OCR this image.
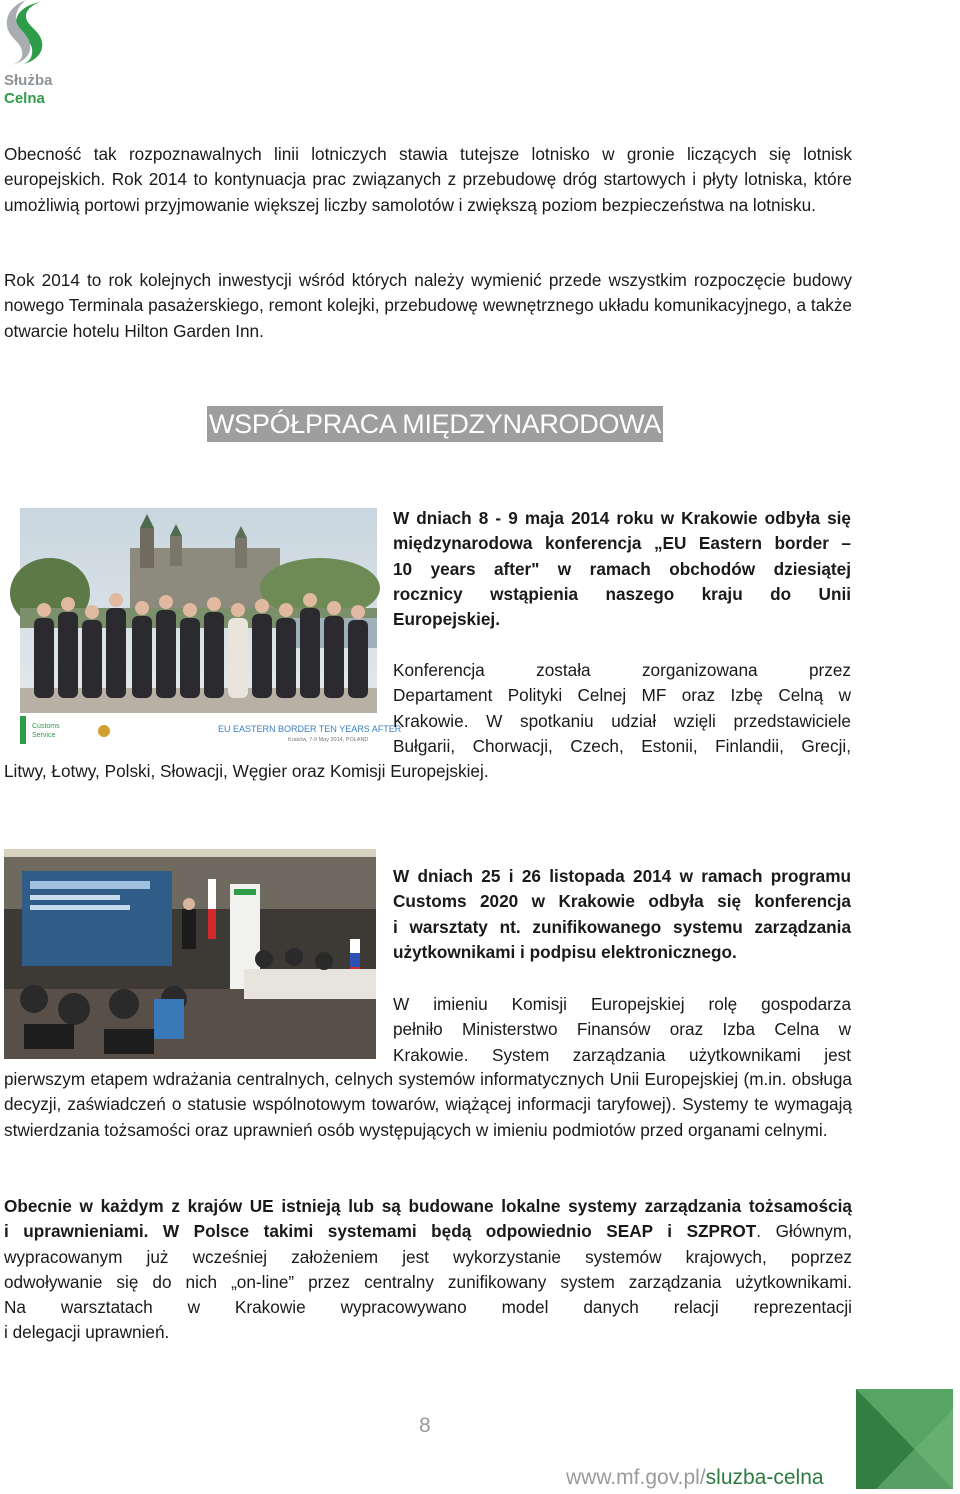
Służba
Celna

Obecność tak rozpoznawalnych linii lotniczych stawia tutejsze lotnisko w gronie liczących się lotnisk europejskich. Rok 2014 to kontynuacja prac związanych z przebudowę dróg startowych i płyty lotniska, które umożliwią portowi przyjmowanie większej liczby samolotów i zwiększą poziom bezpieczeństwa na lotnisku.

Rok 2014 to rok kolejnych inwestycji wśród których należy wymienić przede wszystkim rozpoczęcie budowy nowego Terminala pasażerskiego, remont kolejki, przebudowę wewnętrznego układu komunikacyjnego, a także otwarcie hotelu Hilton Garden Inn.

WSPÓŁPRACA MIĘDZYNARODOWA
Customs
Service
EU EASTERN BORDER TEN YEARS AFTER
Kraków, 7-9 May 2014, POLAND
W dniach 8 - 9 maja 2014 roku w Krakowie odbyła się
międzynarodowa konferencja „EU Eastern border –
10 years after" w ramach obchodów dziesiątej
rocznicy wstąpienia naszego kraju do Unii
Europejskiej.
Konferencja została zorganizowana przez
Departament Polityki Celnej MF oraz Izbę Celną w
Krakowie. W spotkaniu udział wzięli przedstawiciele
Bułgarii, Chorwacji, Czech, Estonii, Finlandii, Grecji,

Litwy, Łotwy, Polski, Słowacji, Węgier oraz Komisji Europejskiej.

W dniach 25 i 26 listopada 2014 w ramach programu
Customs 2020 w Krakowie odbyła się konferencja
i warsztaty nt. zunifikowanego systemu zarządzania
użytkownikami i podpisu elektronicznego.
W imieniu Komisji Europejskiej rolę gospodarza
pełniło Ministerstwo Finansów oraz Izba Celna w
Krakowie. System zarządzania użytkownikami jest

pierwszym etapem wdrażania centralnych, celnych systemów informatycznych Unii Europejskiej (m.in. obsługa decyzji, zaświadczeń o statusie wspólnotowym towarów, wiążącej informacji taryfowej). Systemy te wymagają stwierdzania tożsamości oraz uprawnień osób występujących w imieniu podmiotów przed organami celnymi.

Obecnie w każdym z krajów UE istnieją lub są budowane lokalne systemy zarządzania tożsamością
i uprawnieniami. W Polsce takimi systemami będą odpowiednio SEAP i SZPROT. Głównym,
wypracowanym już wcześniej założeniem jest wykorzystanie systemów krajowych, poprzez
odwoływanie się do nich „on-line” przez centralny zunifikowany system zarządzania użytkownikami.
Na warsztatach w Krakowie wypracowywano model danych relacji reprezentacji
i delegacji uprawnień.
8
www.mf.gov.pl/sluzba-celna
